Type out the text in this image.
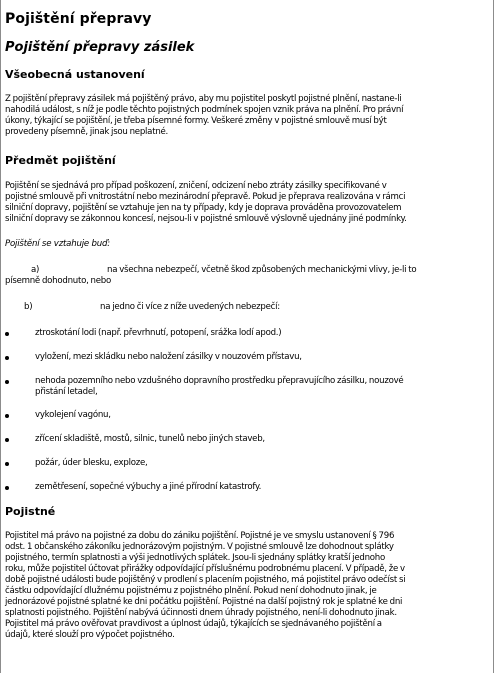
Pojištění přepravy
Pojištění přepravy zásilek
Všeobecná ustanovení
Z pojištění přepravy zásilek má pojištěný právo, aby mu pojistitel poskytl pojistné plnění, nastane-li
nahodilá událost, s níž je podle těchto pojistných podmínek spojen vznik práva na plnění. Pro právní
úkony, týkající se pojištění, je třeba písemné formy. Veškeré změny v pojistné smlouvě musí být
provedeny písemně, jinak jsou neplatné.
Předmět pojištění
Pojištění se sjednává pro případ poškození, zničení, odcizení nebo ztráty zásilky specifikované v
pojistné smlouvě při vnitrostátní nebo mezinárodní přepravě. Pokud je přeprava realizována v rámci
silniční dopravy, pojištění se vztahuje jen na ty případy, kdy je doprava prováděna provozovatelem
silniční dopravy se zákonnou koncesí, nejsou-li v pojistné smlouvě výslovně ujednány jiné podmínky.
Pojištění se vztahuje buď:
a)	na všechna nebezpečí, včetně škod způsobených mechanickými vlivy, je-li to
písemně dohodnuto, nebo
b)	na jedno či více z níže uvedených nebezpečí:
ztroskotání lodi (např. převrhnutí, potopení, srážka lodí apod.)
vyložení, mezi skládku nebo naložení zásilky v nouzovém přístavu,
nehoda pozemního nebo vzdušného dopravního prostředku přepravujícího zásilku, nouzové
přistání letadel,
vykolejení vagónu,
zřícení skladiště, mostů, silnic, tunelů nebo jiných staveb,
požár, úder blesku, exploze,
zemětřesení, sopečné výbuchy a jiné přírodní katastrofy.
Pojistné
Pojistitel má právo na pojistné za dobu do zániku pojištění. Pojistné je ve smyslu ustanovení § 796
odst. 1 občanského zákoníku jednorázovým pojistným. V pojistné smlouvě lze dohodnout splátky
pojistného, termín splatnosti a výši jednotlivých splátek. Jsou-li sjednány splátky kratší jednoho
roku, může pojistitel účtovat přirážky odpovídající příslušnému podrobnému placení. V případě, že v
době pojistné události bude pojištěný v prodlení s placením pojistného, má pojistitel právo odečíst si
částku odpovídající dlužnému pojistnému z pojistného plnění. Pokud není dohodnuto jinak, je
jednorázové pojistné splatné ke dni počátku pojištění. Pojistné na další pojistný rok je splatné ke dni
splatnosti pojistného. Pojištění nabývá účinnosti dnem úhrady pojistného, není-li dohodnuto jinak.
Pojistitel má právo ověřovat pravdivost a úplnost údajů, týkajících se sjednávaného pojištění a
údajů, které slouží pro výpočet pojistného.
